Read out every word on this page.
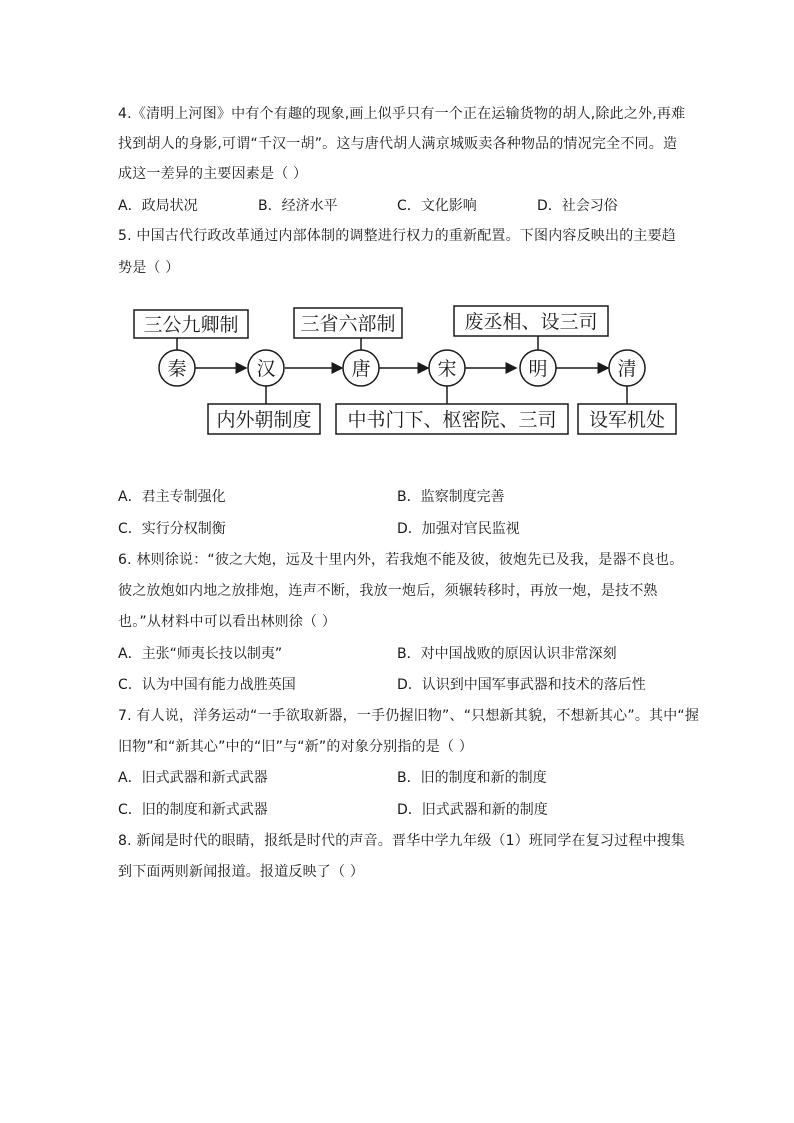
4.《清明上河图》中有个有趣的现象,画上似乎只有一个正在运输货物的胡人,除此之外,再难
找到胡人的身影,可谓“千汉一胡”。这与唐代胡人满京城贩卖各种物品的情况完全不同。造
成这一差异的主要因素是（ ）
A．政局状况	B．经济水平	C．文化影响	D．社会习俗
5. 中国古代行政改革通过内部体制的调整进行权力的重新配置。下图内容反映出的主要趋
势是（ ）
三公九卿制	三省六部制	废丞相、设三司
秦	汉	唐	宋	明	清
内外朝制度 中书门下、枢密院、三司 设军机处
A．君主专制强化	B．监察制度完善
C．实行分权制衡	D．加强对官民监视
6. 林则徐说：“彼之大炮，远及十里内外，若我炮不能及彼，彼炮先已及我，是器不良也。
彼之放炮如内地之放排炮，连声不断，我放一炮后，须辗转移时，再放一炮，是技不熟
也。”从材料中可以看出林则徐（ ）
A．主张“师夷长技以制夷”	B．对中国战败的原因认识非常深刻
C．认为中国有能力战胜英国	D．认识到中国军事武器和技术的落后性
7. 有人说，洋务运动“一手欲取新器，一手仍握旧物”、“只想新其貌，不想新其心”。其中“握
旧物”和“新其心”中的“旧”与“新”的对象分别指的是（ ）
A．旧式武器和新式武器	B．旧的制度和新的制度
C．旧的制度和新式武器	D．旧式武器和新的制度
8. 新闻是时代的眼睛，报纸是时代的声音。晋华中学九年级（1）班同学在复习过程中搜集
到下面两则新闻报道。报道反映了（ ）
